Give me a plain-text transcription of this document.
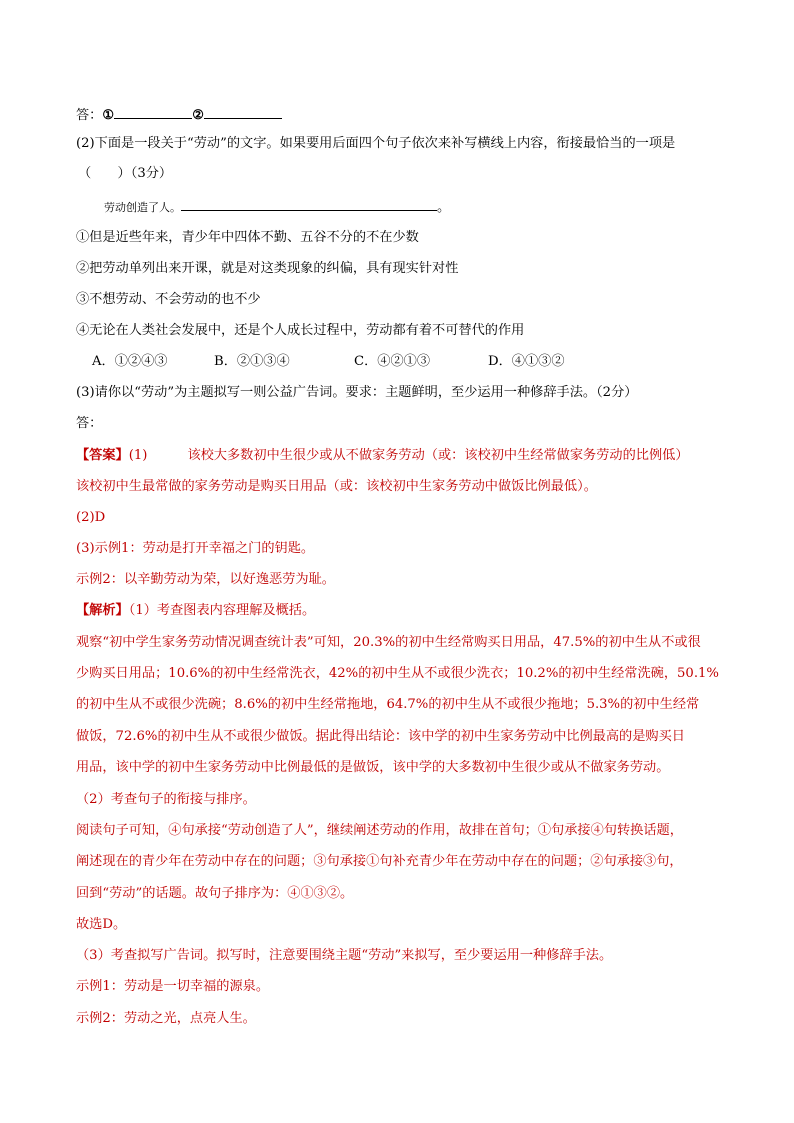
答：①	②
(2)下面是一段关于“劳动”的文字。如果要用后面四个句子依次来补写横线上内容，衔接最恰当的一项是
（　　）（3分）
劳动创造了人。	。
①但是近些年来，青少年中四体不勤、五谷不分的不在少数
②把劳动单列出来开课，就是对这类现象的纠偏，具有现实针对性
③不想劳动、不会劳动的也不少
④无论在人类社会发展中，还是个人成长过程中，劳动都有着不可替代的作用
A．①②④③	B．②①③④	C．④②①③	D．④①③②
(3)请你以“劳动”为主题拟写一则公益广告词。要求：主题鲜明，至少运用一种修辞手法。（2分）
答：
【答案】(1)	该校大多数初中生很少或从不做家务劳动（或：该校初中生经常做家务劳动的比例低）
该校初中生最常做的家务劳动是购买日用品（或：该校初中生家务劳动中做饭比例最低）。
(2)D
(3)示例1：劳动是打开幸福之门的钥匙。
示例2：以辛勤劳动为荣，以好逸恶劳为耻。
【解析】（1）考查图表内容理解及概括。
观察“初中学生家务劳动情况调查统计表”可知，20.3%的初中生经常购买日用品，47.5%的初中生从不或很
少购买日用品；10.6%的初中生经常洗衣，42%的初中生从不或很少洗衣；10.2%的初中生经常洗碗，50.1%
的初中生从不或很少洗碗；8.6%的初中生经常拖地，64.7%的初中生从不或很少拖地；5.3%的初中生经常
做饭，72.6%的初中生从不或很少做饭。据此得出结论：该中学的初中生家务劳动中比例最高的是购买日
用品，该中学的初中生家务劳动中比例最低的是做饭，该中学的大多数初中生很少或从不做家务劳动。
（2）考查句子的衔接与排序。
阅读句子可知，④句承接“劳动创造了人”，继续阐述劳动的作用，故排在首句；①句承接④句转换话题，
阐述现在的青少年在劳动中存在的问题；③句承接①句补充青少年在劳动中存在的问题；②句承接③句，
回到“劳动”的话题。故句子排序为：④①③②。
故选D。
（3）考查拟写广告词。拟写时，注意要围绕主题“劳动”来拟写，至少要运用一种修辞手法。
示例1：劳动是一切幸福的源泉。
示例2：劳动之光，点亮人生。
